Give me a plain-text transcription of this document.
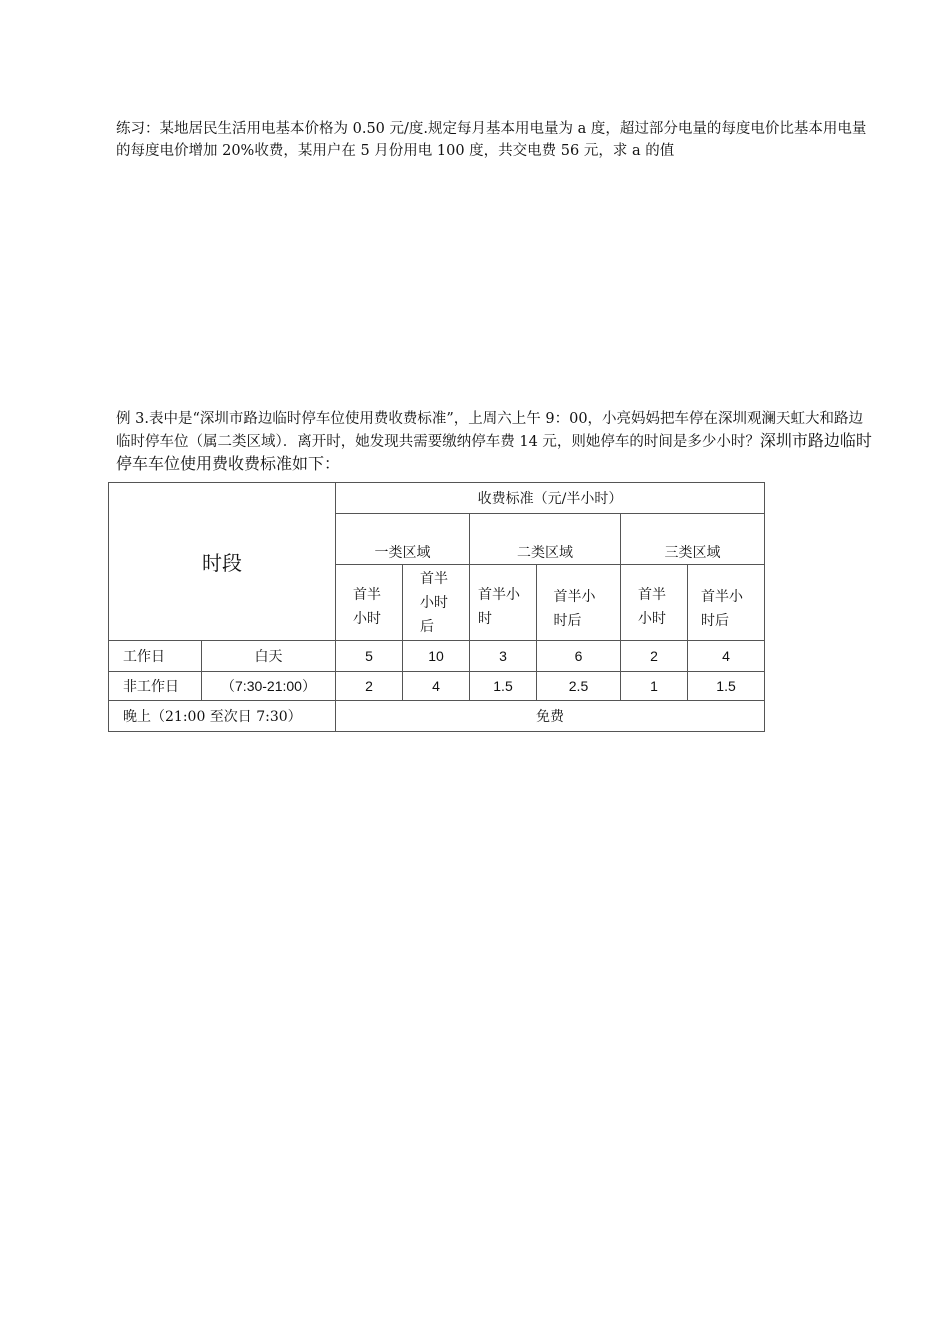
练习：某地居民生活用电基本价格为 0.50 元/度.规定每月基本用电量为 a 度，超过部分电量的每度电价比基本用电量的每度电价增加 20%收费，某用户在 5 月份用电 100 度，共交电费 56 元，求 a 的值

例 3.表中是“深圳市路边临时停车位使用费收费标准”，上周六上午 9：00，小亮妈妈把车停在深圳观澜天虹大和路边临时停车位（属二类区域）．离开时，她发现共需要缴纳停车费 14 元，则她停车的时间是多少小时？深圳市路边临时停车车位使用费收费标准如下：

时段		收费标准（元/半小时）					
		一类区域		二类区域		三类区域	
		首半小时	首半小时后	首半小时	首半小时后	首半小时	首半小时后
工作日	白天	5	10	3	6	2	4
非工作日	（7:30-21:00）	2	4	1.5	2.5	1	1.5
晚上（21:00 至次日 7:30）		免费					
